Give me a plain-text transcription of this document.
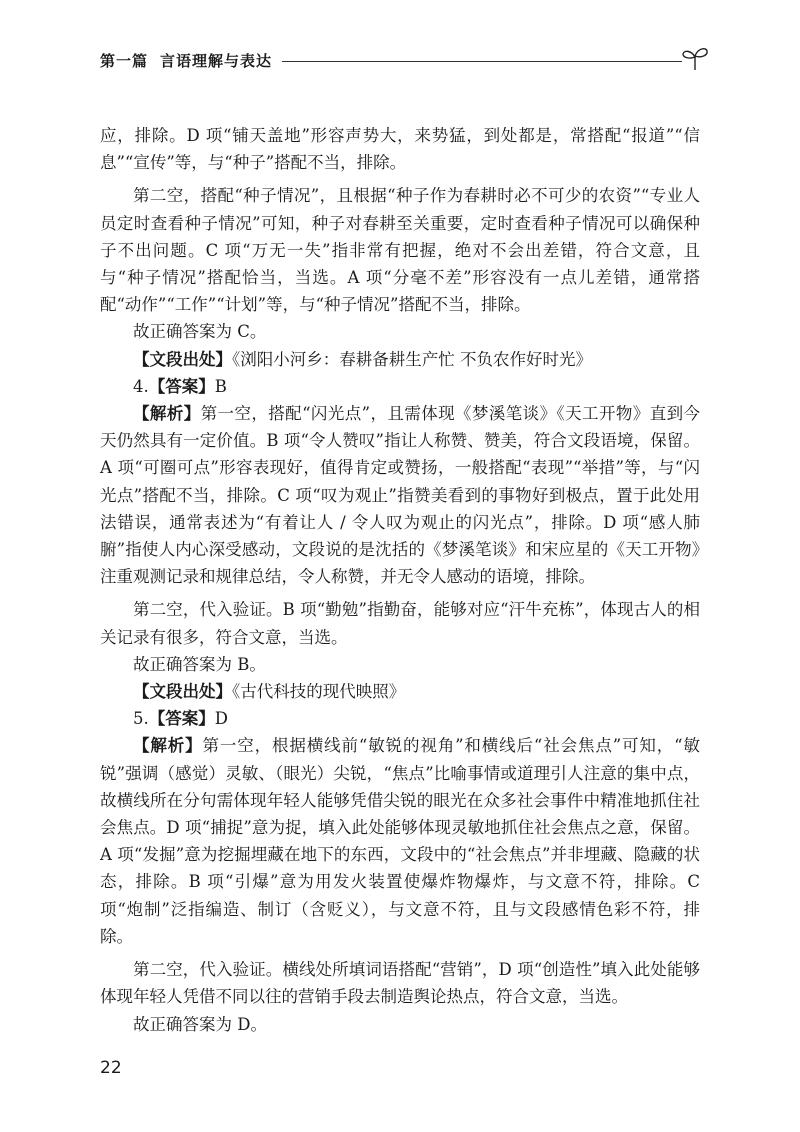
第一篇 言语理解与表达

应，排除。D 项“铺天盖地”形容声势大，来势猛，到处都是，常搭配“报道”“信息”“宣传”等，与“种子”搭配不当，排除。

第二空，搭配“种子情况”，且根据“种子作为春耕时必不可少的农资”“专业人员定时查看种子情况”可知，种子对春耕至关重要，定时查看种子情况可以确保种子不出问题。C 项“万无一失”指非常有把握，绝对不会出差错，符合文意，且与“种子情况”搭配恰当，当选。A 项“分毫不差”形容没有一点儿差错，通常搭配“动作”“工作”“计划”等，与“种子情况”搭配不当，排除。

故正确答案为 C。

【文段出处】《浏阳小河乡：春耕备耕生产忙 不负农作好时光》

4.【答案】B

【解析】第一空，搭配“闪光点”，且需体现《梦溪笔谈》《天工开物》直到今天仍然具有一定价值。B 项“令人赞叹”指让人称赞、赞美，符合文段语境，保留。A 项“可圈可点”形容表现好，值得肯定或赞扬，一般搭配“表现”“举措”等，与“闪光点”搭配不当，排除。C 项“叹为观止”指赞美看到的事物好到极点，置于此处用法错误，通常表述为“有着让人 / 令人叹为观止的闪光点”，排除。D 项“感人肺腑”指使人内心深受感动，文段说的是沈括的《梦溪笔谈》和宋应星的《天工开物》注重观测记录和规律总结，令人称赞，并无令人感动的语境，排除。

第二空，代入验证。B 项“勤勉”指勤奋，能够对应“汗牛充栋”，体现古人的相关记录有很多，符合文意，当选。

故正确答案为 B。

【文段出处】《古代科技的现代映照》

5.【答案】D

【解析】第一空，根据横线前“敏锐的视角”和横线后“社会焦点”可知，“敏锐”强调（感觉）灵敏、（眼光）尖锐，“焦点”比喻事情或道理引人注意的集中点，故横线所在分句需体现年轻人能够凭借尖锐的眼光在众多社会事件中精准地抓住社会焦点。D 项“捕捉”意为捉，填入此处能够体现灵敏地抓住社会焦点之意，保留。A 项“发掘”意为挖掘埋藏在地下的东西，文段中的“社会焦点”并非埋藏、隐藏的状态，排除。B 项“引爆”意为用发火装置使爆炸物爆炸，与文意不符，排除。C 项“炮制”泛指编造、制订（含贬义），与文意不符，且与文段感情色彩不符，排除。

第二空，代入验证。横线处所填词语搭配“营销”，D 项“创造性”填入此处能够体现年轻人凭借不同以往的营销手段去制造舆论热点，符合文意，当选。

故正确答案为 D。

22
